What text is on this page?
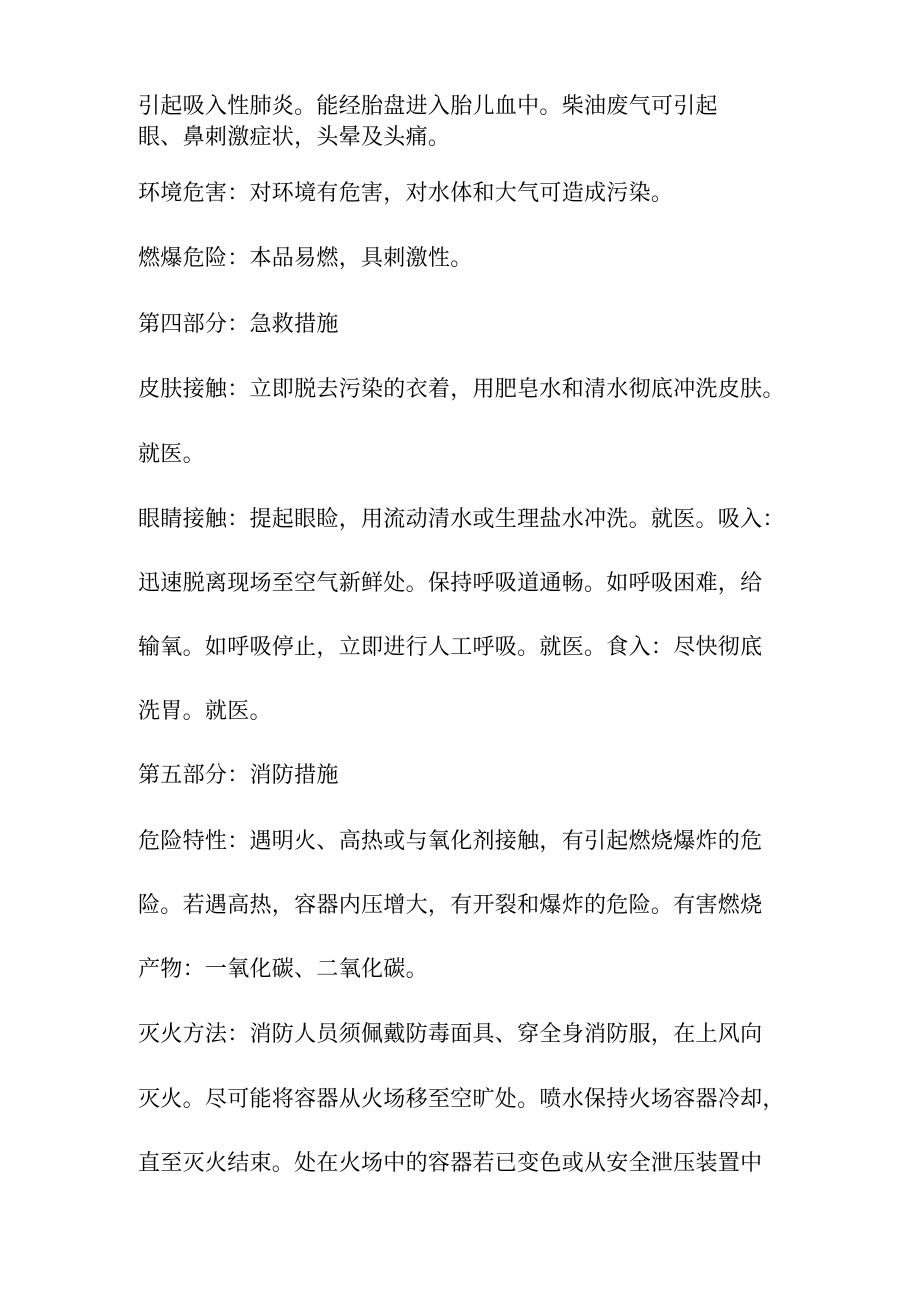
引起吸入性肺炎。能经胎盘进入胎儿血中。柴油废气可引起
眼、鼻刺激症状，头晕及头痛。
环境危害：对环境有危害，对水体和大气可造成污染。
燃爆危险：本品易燃，具刺激性。
第四部分：急救措施
皮肤接触：立即脱去污染的衣着，用肥皂水和清水彻底冲洗皮肤。
就医。
眼睛接触：提起眼睑，用流动清水或生理盐水冲洗。就医。吸入：
迅速脱离现场至空气新鲜处。保持呼吸道通畅。如呼吸困难，给
输氧。如呼吸停止，立即进行人工呼吸。就医。食入：尽快彻底
洗胃。就医。
第五部分：消防措施
危险特性：遇明火、高热或与氧化剂接触，有引起燃烧爆炸的危
险。若遇高热，容器内压增大，有开裂和爆炸的危险。有害燃烧
产物：一氧化碳、二氧化碳。
灭火方法：消防人员须佩戴防毒面具、穿全身消防服，在上风向
灭火。尽可能将容器从火场移至空旷处。喷水保持火场容器冷却，
直至灭火结束。处在火场中的容器若已变色或从安全泄压装置中
